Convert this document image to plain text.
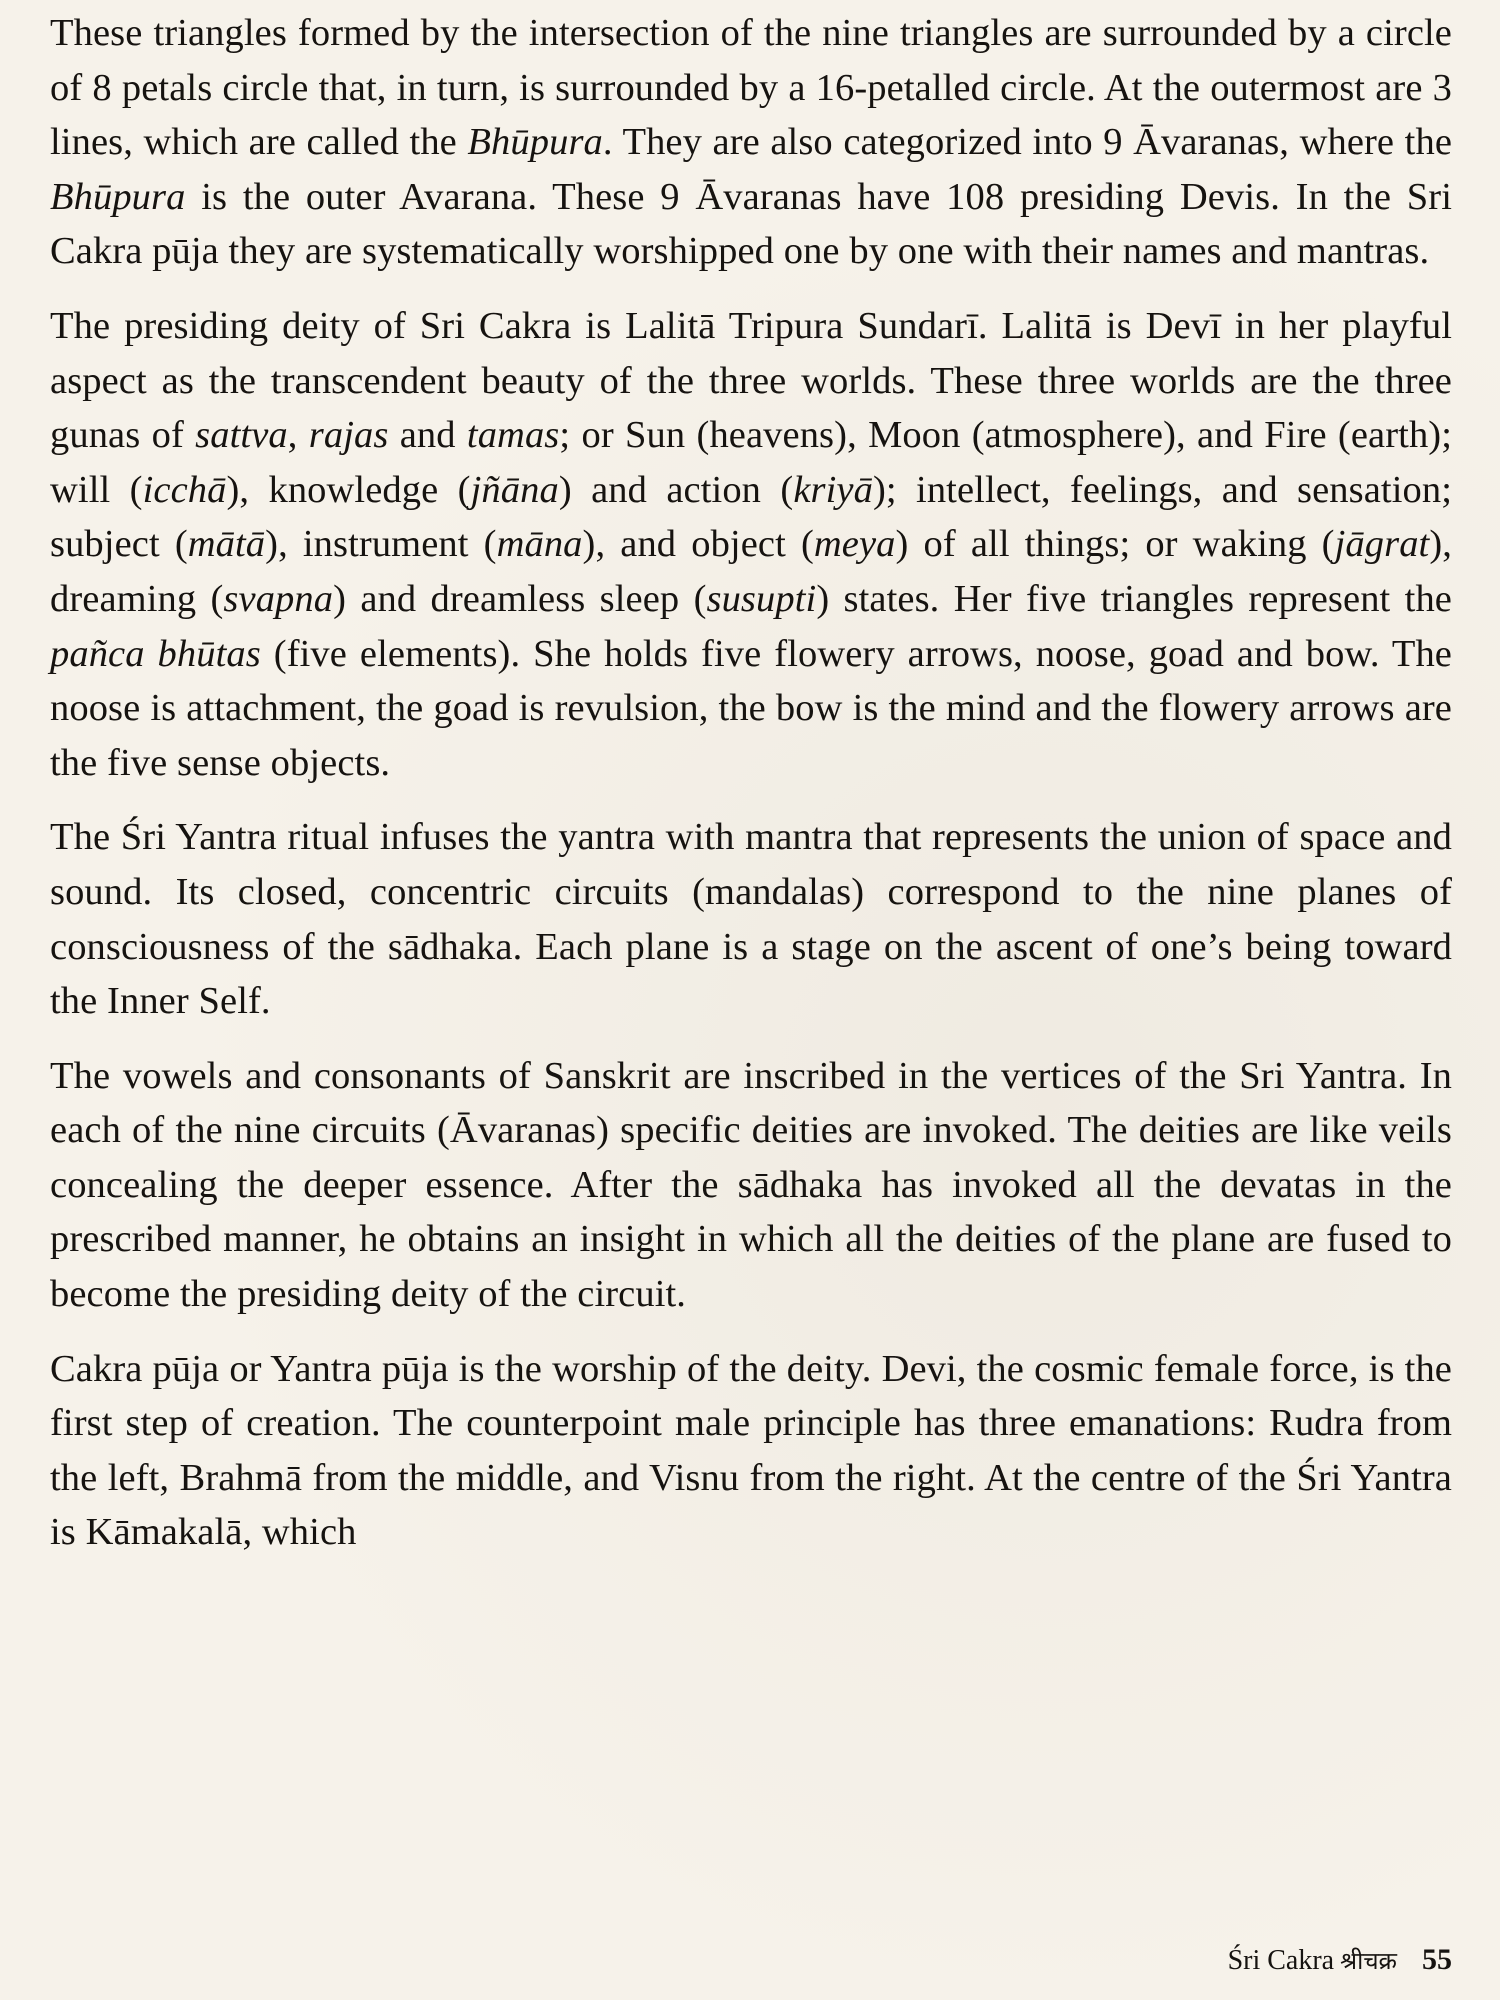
These triangles formed by the intersection of the nine triangles are surrounded by a circle of 8 petals circle that, in turn, is surrounded by a 16-petalled circle. At the outermost are 3 lines, which are called the Bhūpura. They are also categorized into 9 Āvaranas, where the Bhūpura is the outer Avarana. These 9 Āvaranas have 108 presiding Devis. In the Sri Cakra pūja they are systematically worshipped one by one with their names and mantras.

The presiding deity of Sri Cakra is Lalitā Tripura Sundarī. Lalitā is Devī in her playful aspect as the transcendent beauty of the three worlds. These three worlds are the three gunas of sattva, rajas and tamas; or Sun (heavens), Moon (atmosphere), and Fire (earth); will (icchā), knowledge (jñāna) and action (kriyā); intellect, feelings, and sensation; subject (mātā), instrument (māna), and object (meya) of all things; or waking (jāgrat), dreaming (svapna) and dreamless sleep (susupti) states. Her five triangles represent the pañca bhūtas (five elements). She holds five flowery arrows, noose, goad and bow. The noose is attachment, the goad is revulsion, the bow is the mind and the flowery arrows are the five sense objects.

The Śri Yantra ritual infuses the yantra with mantra that represents the union of space and sound. Its closed, concentric circuits (mandalas) correspond to the nine planes of consciousness of the sādhaka. Each plane is a stage on the ascent of one’s being toward the Inner Self.

The vowels and consonants of Sanskrit are inscribed in the vertices of the Sri Yantra. In each of the nine circuits (Āvaranas) specific deities are invoked. The deities are like veils concealing the deeper essence. After the sādhaka has invoked all the devatas in the prescribed manner, he obtains an insight in which all the deities of the plane are fused to become the presiding deity of the circuit.

Cakra pūja or Yantra pūja is the worship of the deity. Devi, the cosmic female force, is the first step of creation. The counterpoint male principle has three emanations: Rudra from the left, Brahmā from the middle, and Visnu from the right. At the centre of the Śri Yantra is Kāmakalā, which

Śri Cakra श्रीचक्र 55
